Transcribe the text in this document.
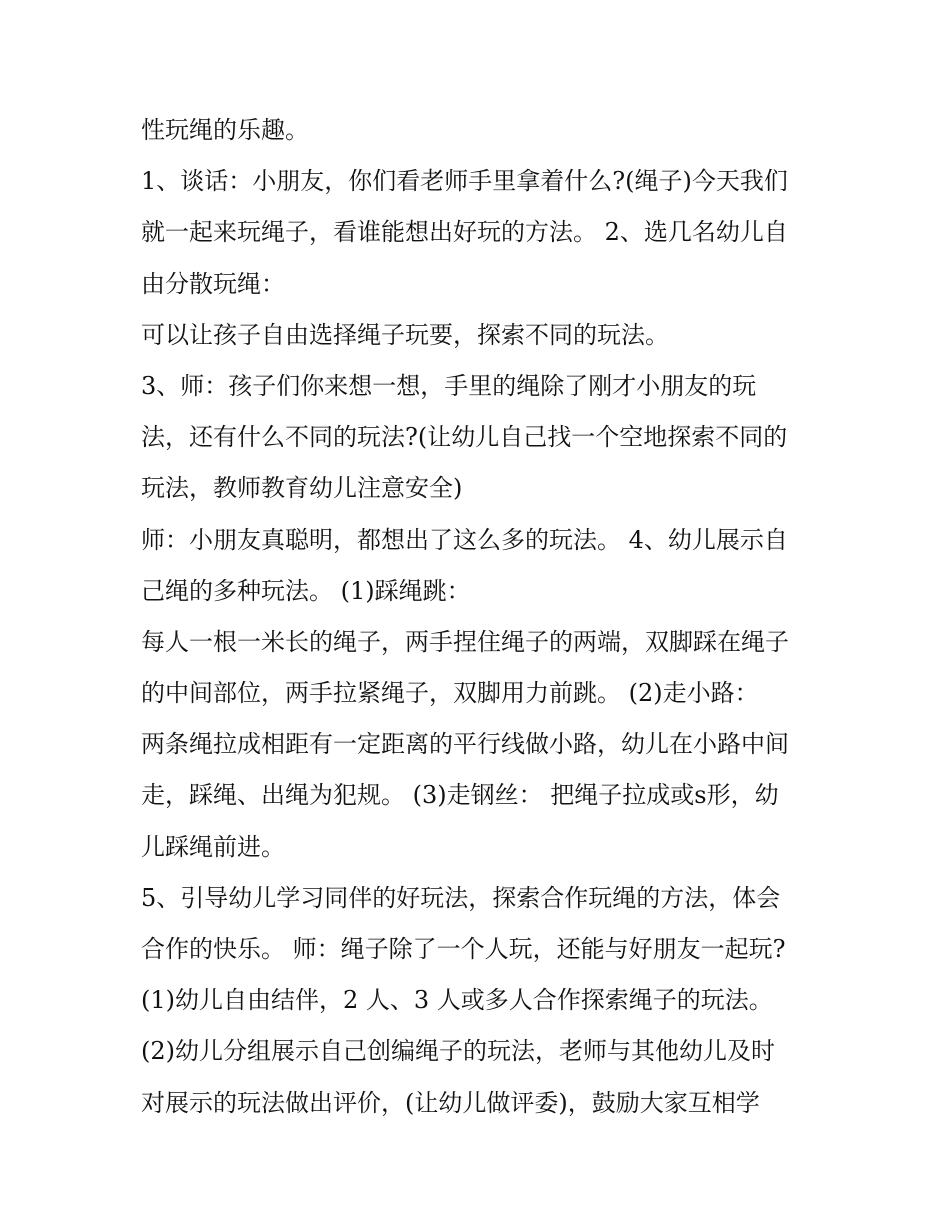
性玩绳的乐趣。
1、谈话：小朋友，你们看老师手里拿着什么?(绳子)今天我们
就一起来玩绳子，看谁能想出好玩的方法。 2、选几名幼儿自
由分散玩绳：
可以让孩子自由选择绳子玩要，探索不同的玩法。
3、师：孩子们你来想一想，手里的绳除了刚才小朋友的玩
法，还有什么不同的玩法?(让幼儿自己找一个空地探索不同的
玩法，教师教育幼儿注意安全)
师：小朋友真聪明，都想出了这么多的玩法。 4、幼儿展示自
己绳的多种玩法。 (1)踩绳跳：
每人一根一米长的绳子，两手捏住绳子的两端，双脚踩在绳子
的中间部位，两手拉紧绳子，双脚用力前跳。 (2)走小路：
两条绳拉成相距有一定距离的平行线做小路，幼儿在小路中间
走，踩绳、出绳为犯规。 (3)走钢丝： 把绳子拉成或s形，幼
儿踩绳前进。
5、引导幼儿学习同伴的好玩法，探索合作玩绳的方法，体会
合作的快乐。 师：绳子除了一个人玩，还能与好朋友一起玩?
(1)幼儿自由结伴，2 人、3 人或多人合作探索绳子的玩法。
(2)幼儿分组展示自己创编绳子的玩法，老师与其他幼儿及时
对展示的玩法做出评价，(让幼儿做评委)，鼓励大家互相学
